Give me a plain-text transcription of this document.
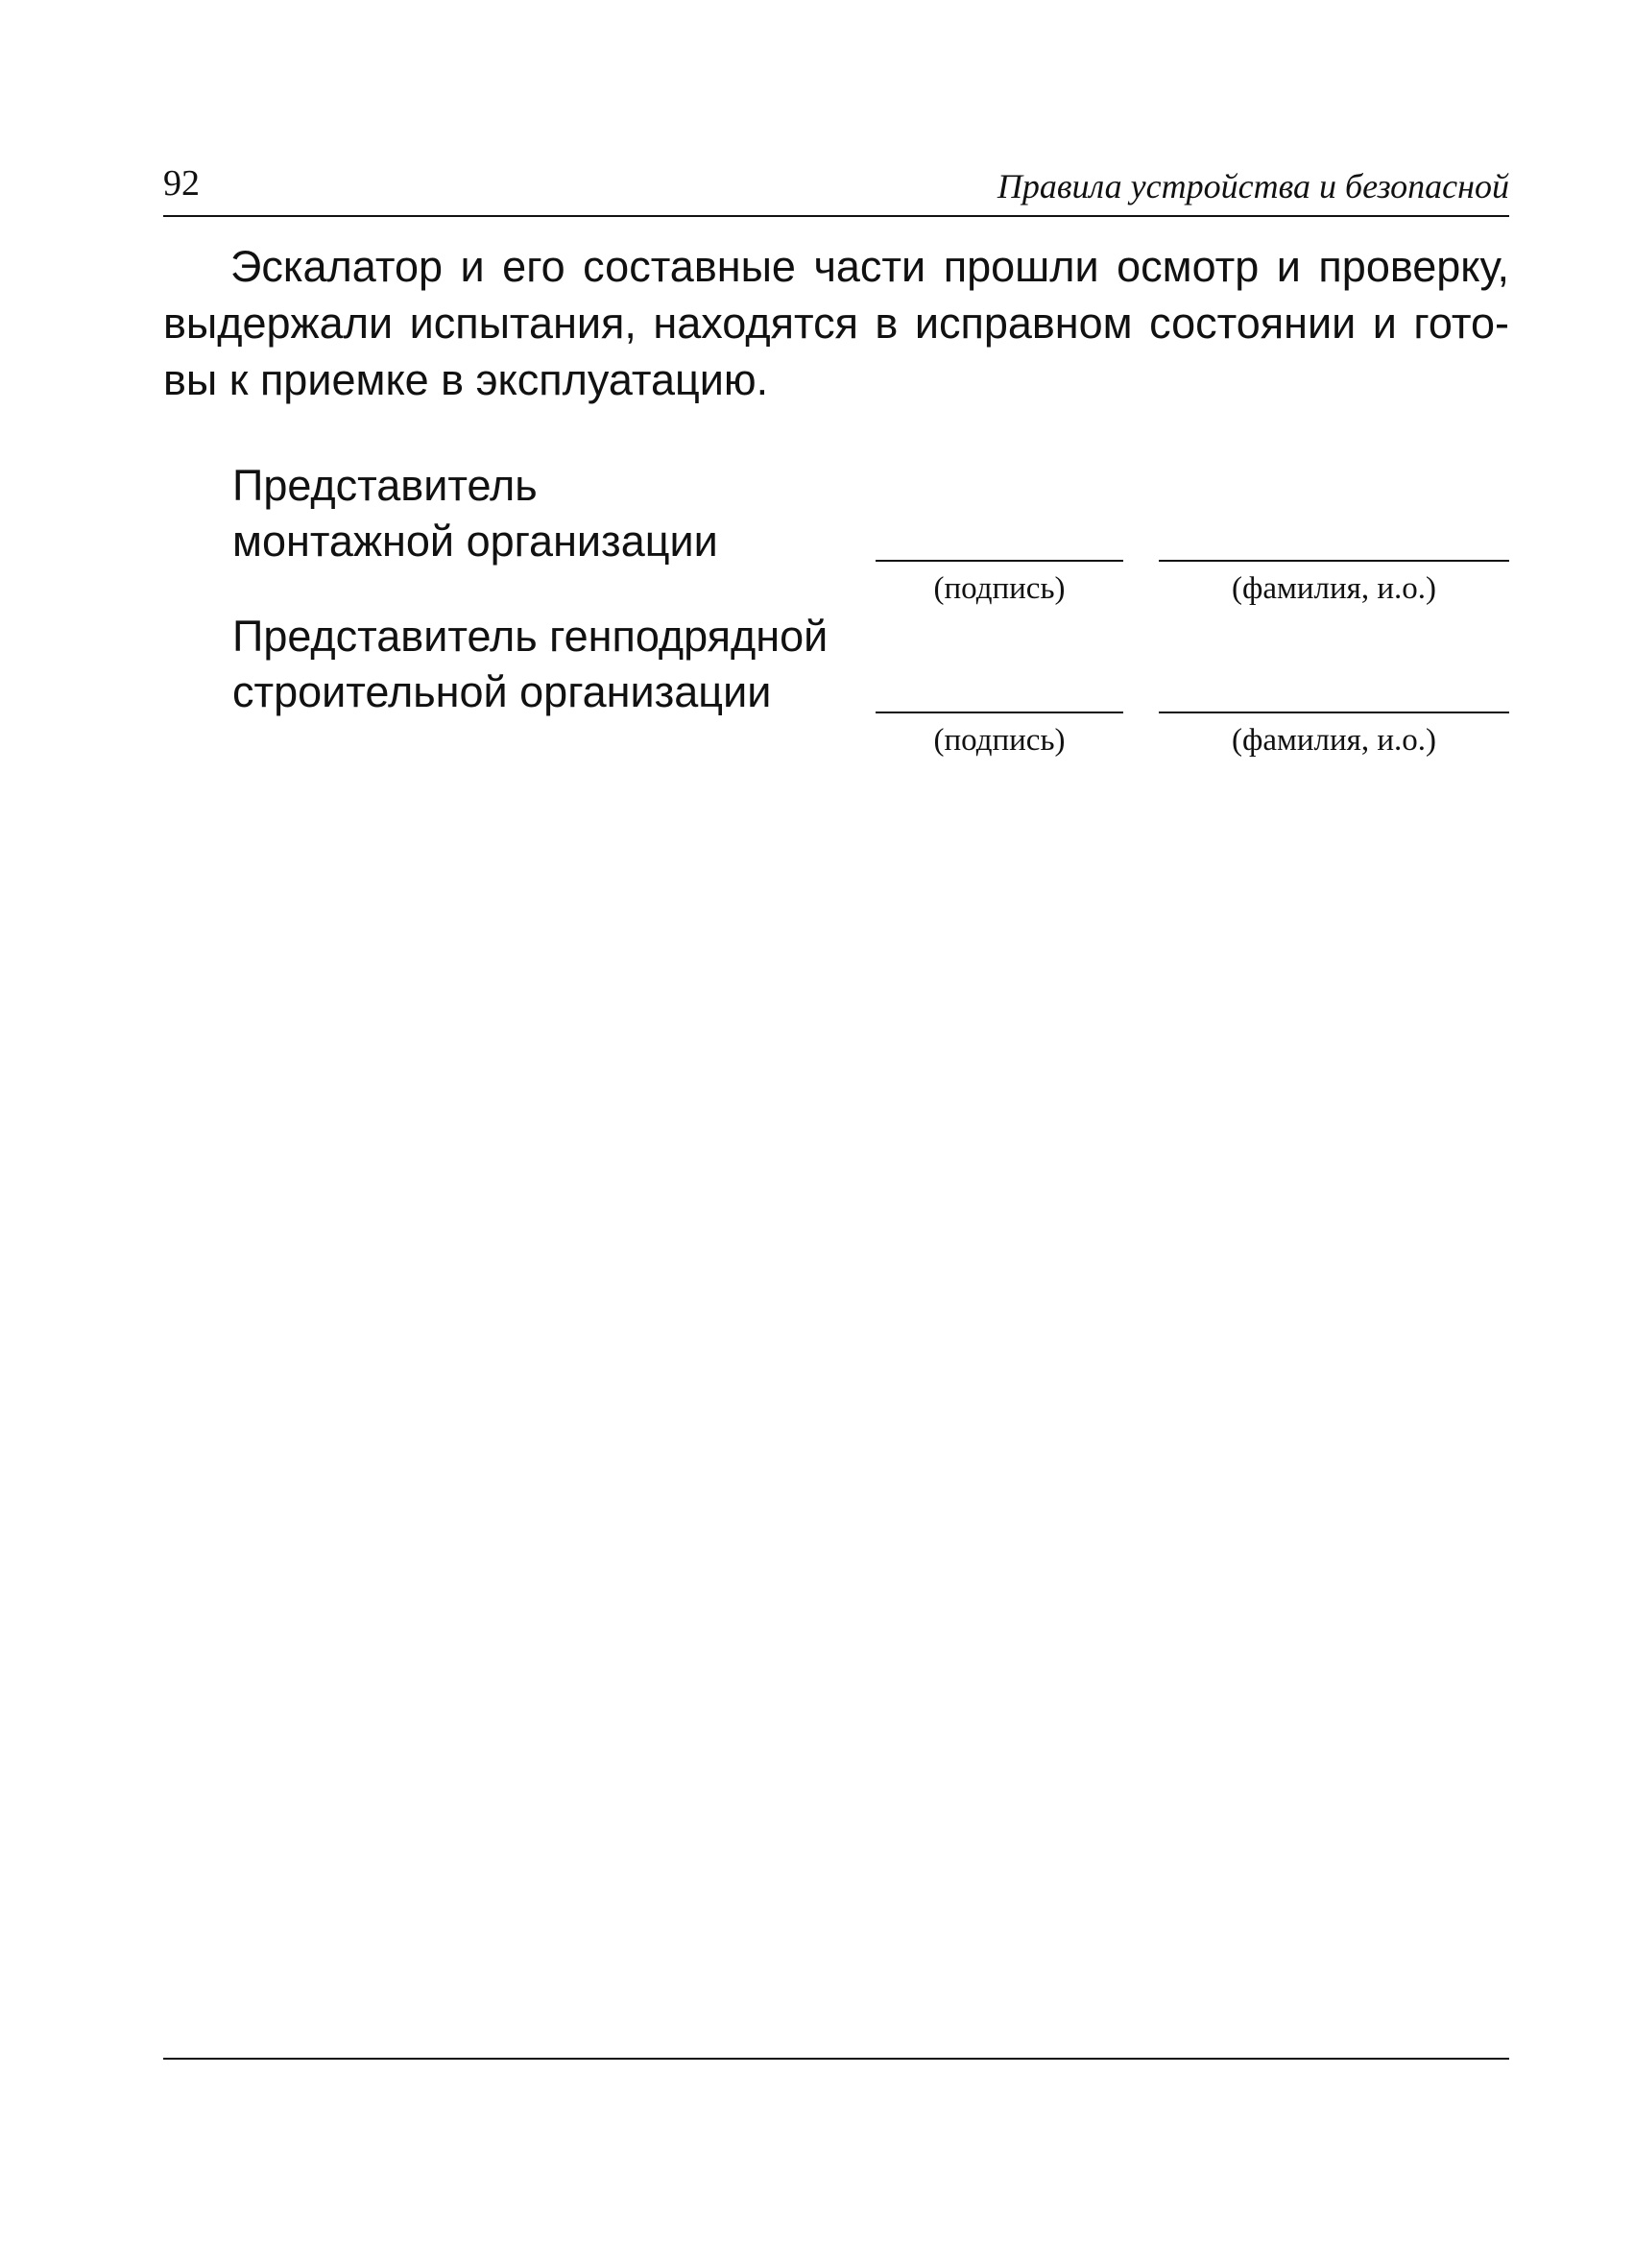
92	Правила устройства и безопасной

Эскалатор и его составные части прошли осмотр и проверку,
выдержали испытания, находятся в исправном состоянии и гото-
вы к приемке в эксплуатацию.

Представитель
монтажной организации

(подпись)	(фамилия, и.о.)

Представитель генподрядной
строительной организации

(подпись)	(фамилия, и.о.)
